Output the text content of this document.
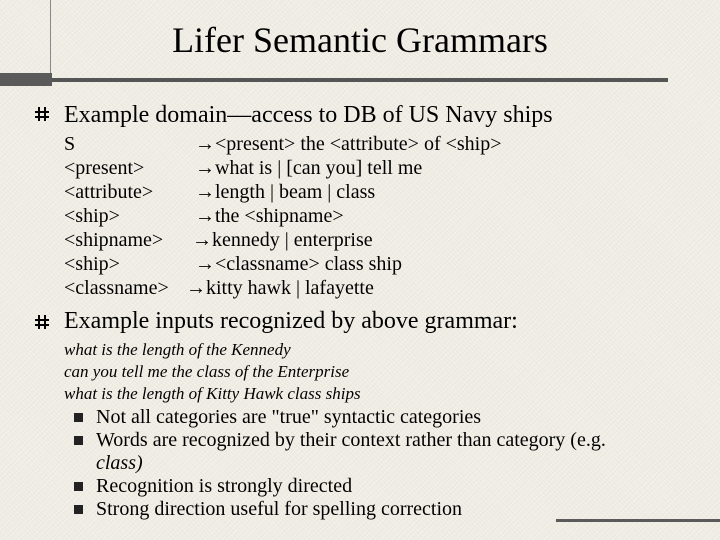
Lifer Semantic Grammars
Example domain—access to DB of US Navy ships
S	→ <present> the <attribute> of <ship>
<present>	→ what is | [can you] tell me
<attribute> → length | beam | class
<ship>	→ the <shipname>
<shipname> → kennedy | enterprise
<ship>	→ <classname> class ship
<classname> → kitty hawk | lafayette
Example inputs recognized by above grammar:
what is the length of the Kennedy
can you tell me the class of the Enterprise
what is the length of Kitty Hawk class ships
Not all categories are "true" syntactic categories
Words are recognized by their context rather than category (e.g.
class)
Recognition is strongly directed
Strong direction useful for spelling correction
